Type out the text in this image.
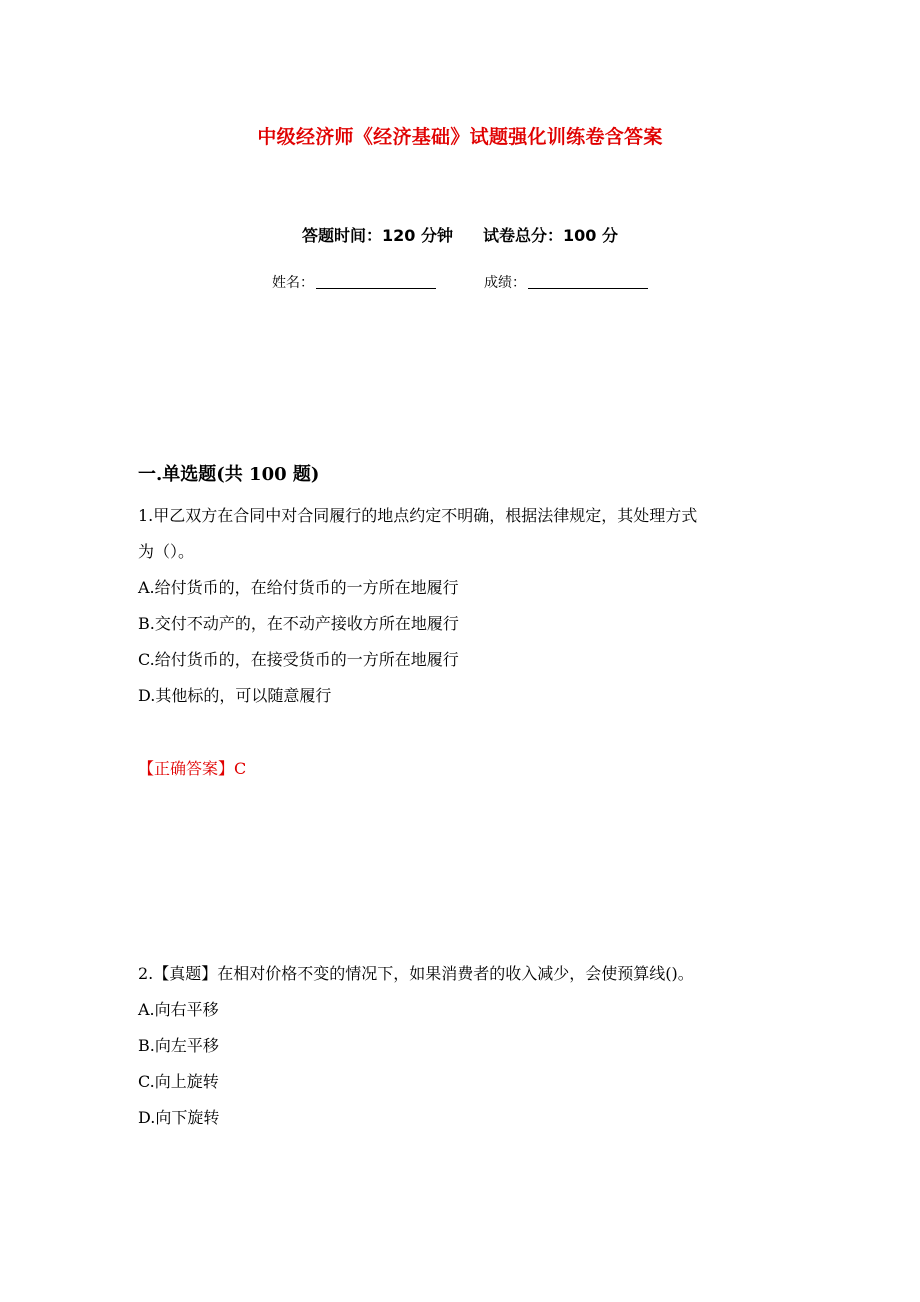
中级经济师《经济基础》试题强化训练卷含答案
答题时间：120 分钟 试卷总分：100 分
姓名：	成绩：
一.单选题(共 100 题)
1.甲乙双方在合同中对合同履行的地点约定不明确，根据法律规定，其处理方式
为（）。
A.给付货币的，在给付货币的一方所在地履行
B.交付不动产的，在不动产接收方所在地履行
C.给付货币的，在接受货币的一方所在地履行
D.其他标的，可以随意履行
【正确答案】C
2.【真题】在相对价格不变的情况下，如果消费者的收入减少，会使预算线()。
A.向右平移
B.向左平移
C.向上旋转
D.向下旋转
